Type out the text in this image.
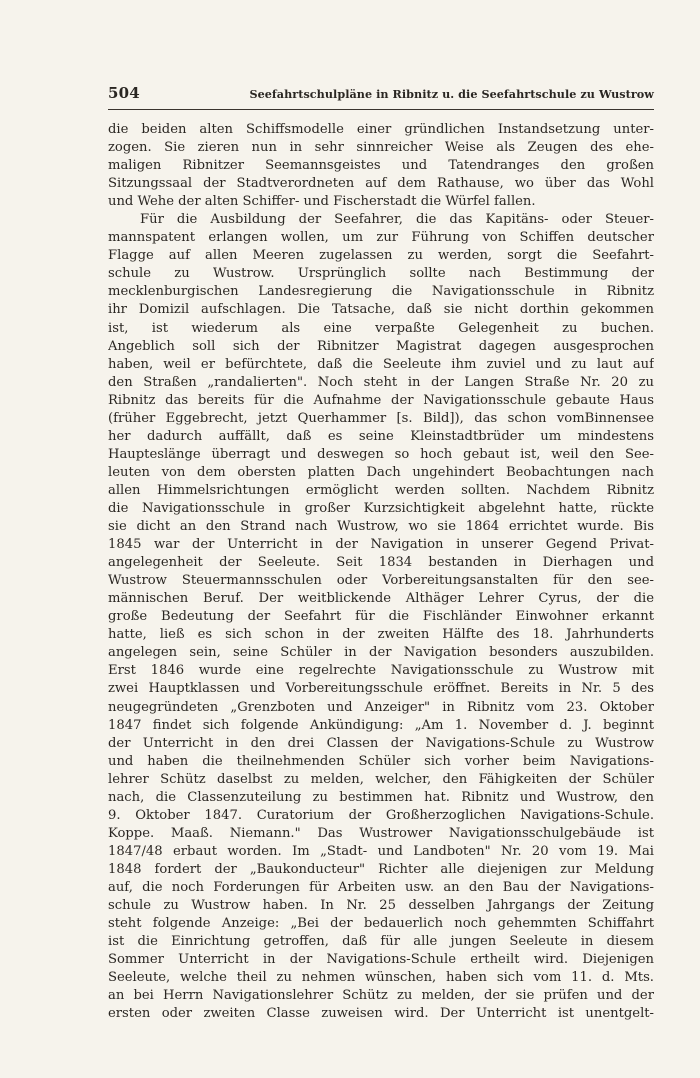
504	Seefahrtschulpläne in Ribnitz u. die Seefahrtschule zu Wustrow
die beiden alten Schiffsmodelle einer gründlichen Instandsetzung unter-
zogen. Sie zieren nun in sehr sinnreicher Weise als Zeugen des ehe-
maligen Ribnitzer Seemannsgeistes und Tatendranges den großen
Sitzungssaal der Stadtverordneten auf dem Rathause, wo über das Wohl
und Wehe der alten Schiffer- und Fischerstadt die Würfel fallen.
Für die Ausbildung der Seefahrer, die das Kapitäns- oder Steuer-
mannspatent erlangen wollen, um zur Führung von Schiffen deutscher
Flagge auf allen Meeren zugelassen zu werden, sorgt die Seefahrt-
schule zu Wustrow. Ursprünglich sollte nach Bestimmung der
mecklenburgischen Landesregierung die Navigationsschule in Ribnitz
ihr Domizil aufschlagen. Die Tatsache, daß sie nicht dorthin gekommen
ist, ist wiederum als eine verpaßte Gelegenheit zu buchen.
Angeblich soll sich der Ribnitzer Magistrat dagegen ausgesprochen
haben, weil er befürchtete, daß die Seeleute ihm zuviel und zu laut auf
den Straßen „randalierten". Noch steht in der Langen Straße Nr. 20 zu
Ribnitz das bereits für die Aufnahme der Navigationsschule gebaute Haus
(früher Eggebrecht, jetzt Querhammer [s. Bild]), das schon vomBinnensee
her dadurch auffällt, daß es seine Kleinstadtbrüder um mindestens
Haupteslänge überragt und deswegen so hoch gebaut ist, weil den See-
leuten von dem obersten platten Dach ungehindert Beobachtungen nach
allen Himmelsrichtungen ermöglicht werden sollten. Nachdem Ribnitz
die Navigationsschule in großer Kurzsichtigkeit abgelehnt hatte, rückte
sie dicht an den Strand nach Wustrow, wo sie 1864 errichtet wurde. Bis
1845 war der Unterricht in der Navigation in unserer Gegend Privat-
angelegenheit der Seeleute. Seit 1834 bestanden in Dierhagen und
Wustrow Steuermannsschulen oder Vorbereitungsanstalten für den see-
männischen Beruf. Der weitblickende Althäger Lehrer Cyrus, der die
große Bedeutung der Seefahrt für die Fischländer Einwohner erkannt
hatte, ließ es sich schon in der zweiten Hälfte des 18. Jahrhunderts
angelegen sein, seine Schüler in der Navigation besonders auszubilden.
Erst 1846 wurde eine regelrechte Navigationsschule zu Wustrow mit
zwei Hauptklassen und Vorbereitungsschule eröffnet. Bereits in Nr. 5 des
neugegründeten „Grenzboten und Anzeiger" in Ribnitz vom 23. Oktober
1847 findet sich folgende Ankündigung: „Am 1. November d. J. beginnt
der Unterricht in den drei Classen der Navigations-Schule zu Wustrow
und haben die theilnehmenden Schüler sich vorher beim Navigations-
lehrer Schütz daselbst zu melden, welcher, den Fähigkeiten der Schüler
nach, die Classenzuteilung zu bestimmen hat. Ribnitz und Wustrow, den
9. Oktober 1847. Curatorium der Großherzoglichen Navigations-Schule.
Koppe. Maaß. Niemann." Das Wustrower Navigationsschulgebäude ist
1847/48 erbaut worden. Im „Stadt- und Landboten" Nr. 20 vom 19. Mai
1848 fordert der „Baukonducteur" Richter alle diejenigen zur Meldung
auf, die noch Forderungen für Arbeiten usw. an den Bau der Navigations-
schule zu Wustrow haben. In Nr. 25 desselben Jahrgangs der Zeitung
steht folgende Anzeige: „Bei der bedauerlich noch gehemmten Schiffahrt
ist die Einrichtung getroffen, daß für alle jungen Seeleute in diesem
Sommer Unterricht in der Navigations-Schule ertheilt wird. Diejenigen
Seeleute, welche theil zu nehmen wünschen, haben sich vom 11. d. Mts.
an bei Herrn Navigationslehrer Schütz zu melden, der sie prüfen und der
ersten oder zweiten Classe zuweisen wird. Der Unterricht ist unentgelt-
